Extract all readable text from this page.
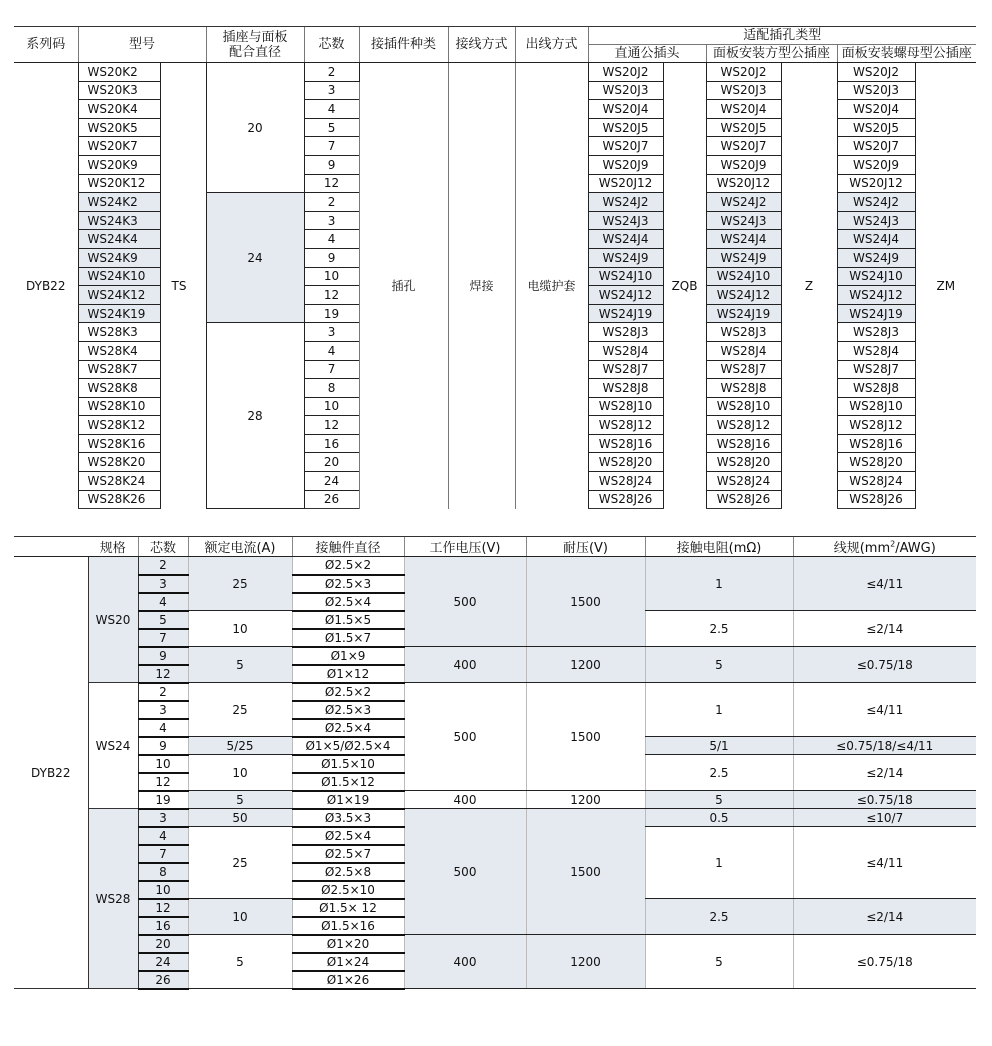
系列码	型号		插座与面板
配合直径	芯数	接插件种类	接线方式	出线方式	适配插孔类型					
								直通公插头		面板安装方型公插座		面板安装螺母型公插座	
DYB22	WS20K2	TS	20	2	插孔	焊接	电缆护套	WS20J2	ZQB	WS20J2	Z	WS20J2	ZM
	WS20K3			3				WS20J3		WS20J3		WS20J3	
	WS20K4			4				WS20J4		WS20J4		WS20J4	
	WS20K5			5				WS20J5		WS20J5		WS20J5	
	WS20K7			7				WS20J7		WS20J7		WS20J7	
	WS20K9			9				WS20J9		WS20J9		WS20J9	
	WS20K12			12				WS20J12		WS20J12		WS20J12	
	WS24K2		24	2				WS24J2		WS24J2		WS24J2	
	WS24K3			3				WS24J3		WS24J3		WS24J3	
	WS24K4			4				WS24J4		WS24J4		WS24J4	
	WS24K9			9				WS24J9		WS24J9		WS24J9	
	WS24K10			10				WS24J10		WS24J10		WS24J10	
	WS24K12			12				WS24J12		WS24J12		WS24J12	
	WS24K19			19				WS24J19		WS24J19		WS24J19	
	WS28K3		28	3				WS28J3		WS28J3		WS28J3	
	WS28K4			4				WS28J4		WS28J4		WS28J4	
	WS28K7			7				WS28J7		WS28J7		WS28J7	
	WS28K8			8				WS28J8		WS28J8		WS28J8	
	WS28K10			10				WS28J10		WS28J10		WS28J10	
	WS28K12			12				WS28J12		WS28J12		WS28J12	
	WS28K16			16				WS28J16		WS28J16		WS28J16	
	WS28K20			20				WS28J20		WS28J20		WS28J20	
	WS28K24			24				WS28J24		WS28J24		WS28J24	
	WS28K26			26				WS28J26		WS28J26		WS28J26	
	规格	芯数	额定电流(A)	接触件直径	工作电压(V)	耐压(V)	接触电阻(mΩ)	线规$(mm^2/AWG)$
DYB22	WS20	2	25	Ø2.5×2	500	1500	1	≤4/11
		3		Ø2.5×3				
		4		Ø2.5×4				
		5	10	Ø1.5×5			2.5	≤2/14
		7		Ø1.5×7				
		9	5	Ø1×9	400	1200	5	≤0.75/18
		12		Ø1×12				
	WS24	2	25	Ø2.5×2	500	1500	1	≤4/11
		3		Ø2.5×3				
		4		Ø2.5×4				
		9	5/25	Ø1×5/Ø2.5×4			5/1	≤0.75/18/≤4/11
		10	10	Ø1.5×10			2.5	≤2/14
		12		Ø1.5×12				
		19	5	Ø1×19	400	1200	5	≤0.75/18
	WS28	3	50	Ø3.5×3	500	1500	0.5	≤10/7
		4	25	Ø2.5×4			1	≤4/11
		7		Ø2.5×7				
		8		Ø2.5×8				
		10		Ø2.5×10				
		12	10	Ø1.5× 12			2.5	≤2/14
		16		Ø1.5×16				
		20	5	Ø1×20	400	1200	5	≤0.75/18
		24		Ø1×24				
		26		Ø1×26				
